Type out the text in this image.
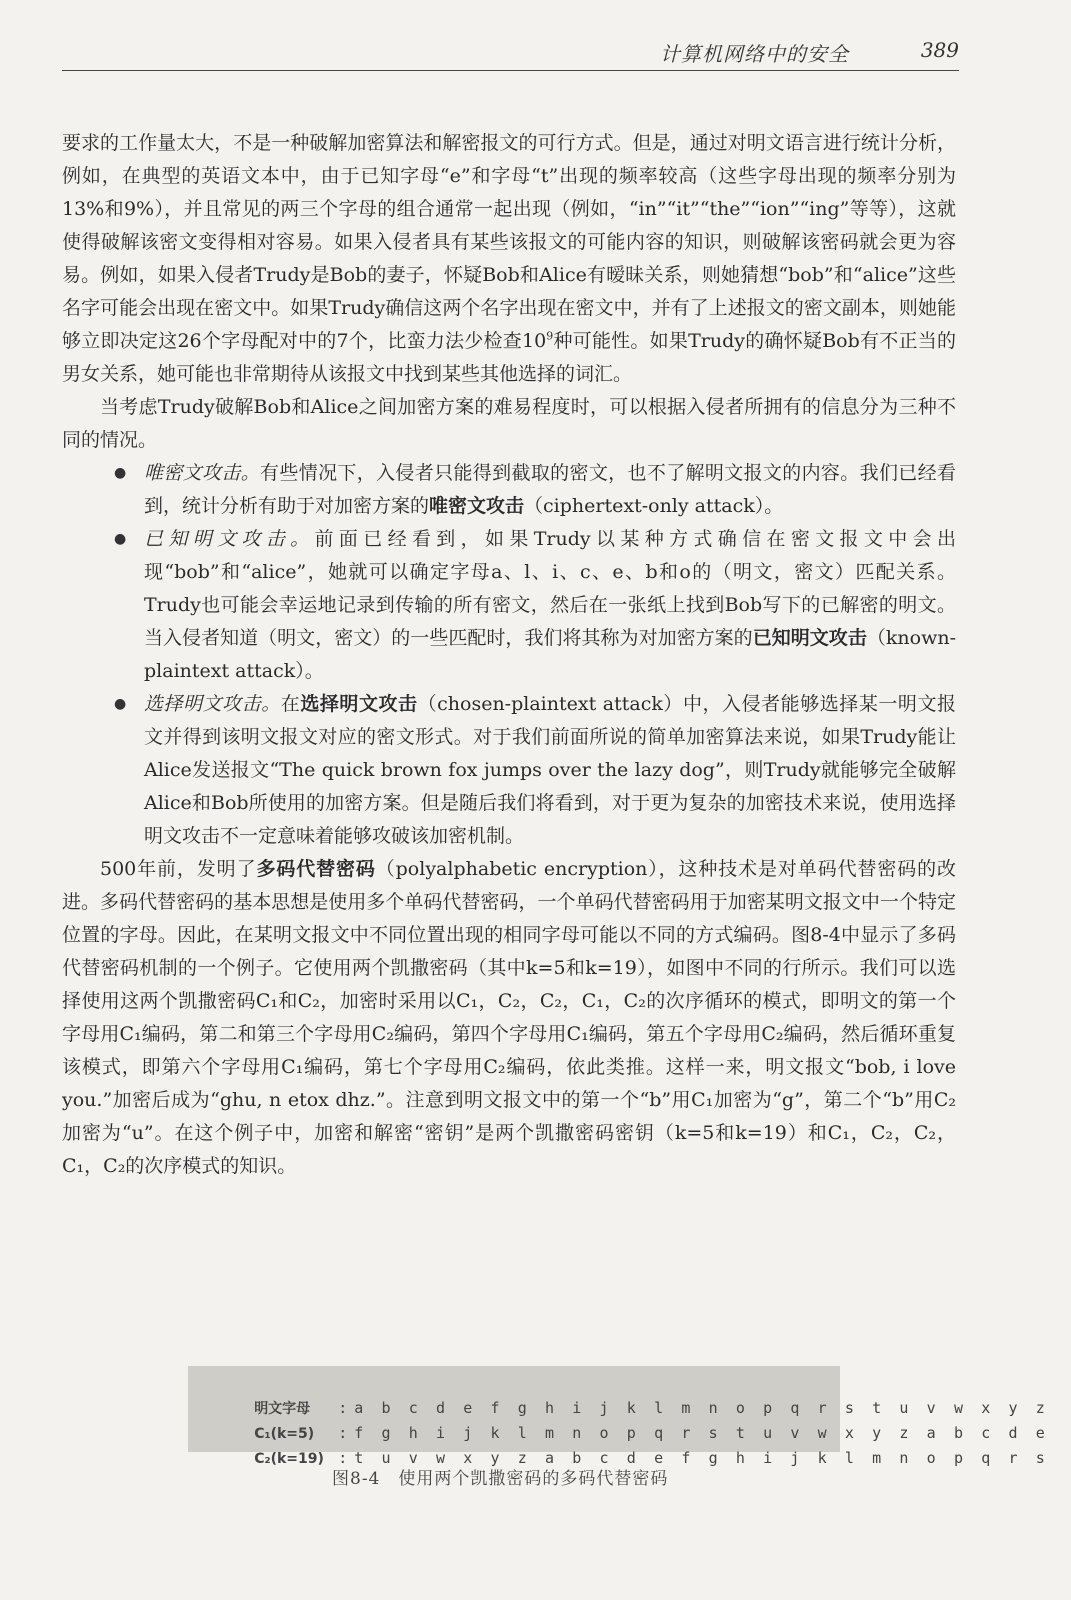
计算机网络中的安全	389

要求的工作量太大，不是一种破解加密算法和解密报文的可行方式。但是，通过对明文语言进行统计分析，例如，在典型的英语文本中，由于已知字母“e”和字母“t”出现的频率较高（这些字母出现的频率分别为13%和9%），并且常见的两三个字母的组合通常一起出现（例如，“in”“it”“the”“ion”“ing”等等），这就使得破解该密文变得相对容易。如果入侵者具有某些该报文的可能内容的知识，则破解该密码就会更为容易。例如，如果入侵者Trudy是Bob的妻子，怀疑Bob和Alice有暧昧关系，则她猜想“bob”和“alice”这些名字可能会出现在密文中。如果Trudy确信这两个名字出现在密文中，并有了上述报文的密文副本，则她能够立即决定这26个字母配对中的7个，比蛮力法少检查$10^9$种可能性。如果Trudy的确怀疑Bob有不正当的男女关系，她可能也非常期待从该报文中找到某些其他选择的词汇。

当考虑Trudy破解Bob和Alice之间加密方案的难易程度时，可以根据入侵者所拥有的信息分为三种不同的情况。

● 唯密文攻击。有些情况下，入侵者只能得到截取的密文，也不了解明文报文的内容。我们已经看到，统计分析有助于对加密方案的唯密文攻击（ciphertext-only attack）。
● 已知明文攻击。前面已经看到，如果Trudy以某种方式确信在密文报文中会出现“bob”和“alice”，她就可以确定字母a、l、i、c、e、b和o的（明文，密文）匹配关系。Trudy也可能会幸运地记录到传输的所有密文，然后在一张纸上找到Bob写下的已解密的明文。当入侵者知道（明文，密文）的一些匹配时，我们将其称为对加密方案的已知明文攻击（known-plaintext attack）。
● 选择明文攻击。在选择明文攻击（chosen-plaintext attack）中，入侵者能够选择某一明文报文并得到该明文报文对应的密文形式。对于我们前面所说的简单加密算法来说，如果Trudy能让Alice发送报文“The quick brown fox jumps over the lazy dog”，则Trudy就能够完全破解Alice和Bob所使用的加密方案。但是随后我们将看到，对于更为复杂的加密技术来说，使用选择明文攻击不一定意味着能够攻破该加密机制。

500年前，发明了多码代替密码（polyalphabetic encryption），这种技术是对单码代替密码的改进。多码代替密码的基本思想是使用多个单码代替密码，一个单码代替密码用于加密某明文报文中一个特定位置的字母。因此，在某明文报文中不同位置出现的相同字母可能以不同的方式编码。图8-4中显示了多码代替密码机制的一个例子。它使用两个凯撒密码（其中k=5和k=19），如图中不同的行所示。我们可以选择使用这两个凯撒密码C₁和C₂，加密时采用以C₁，C₂，C₂，C₁，C₂的次序循环的模式，即明文的第一个字母用C₁编码，第二和第三个字母用C₂编码，第四个字母用C₁编码，第五个字母用C₂编码，然后循环重复该模式，即第六个字母用C₁编码，第七个字母用C₂编码，依此类推。这样一来，明文报文“bob, i love you.”加密后成为“ghu, n etox dhz.”。注意到明文报文中的第一个“b”用C₁加密为“g”，第二个“b”用C₂加密为“u”。在这个例子中，加密和解密“密钥”是两个凯撒密码密钥（k=5和k=19）和C₁，C₂，C₂，C₁，C₂的次序模式的知识。

明文字母 : a b c d e f g h i j k l m n o p q r s t u v w x y z

C₁(k=5) : f g h i j k l m n o p q r s t u v w x y z a b c d e

C₂(k=19) : t u v w x y z a b c d e f g h i j k l m n o p q r s

图8-4　使用两个凯撒密码的多码代替密码
